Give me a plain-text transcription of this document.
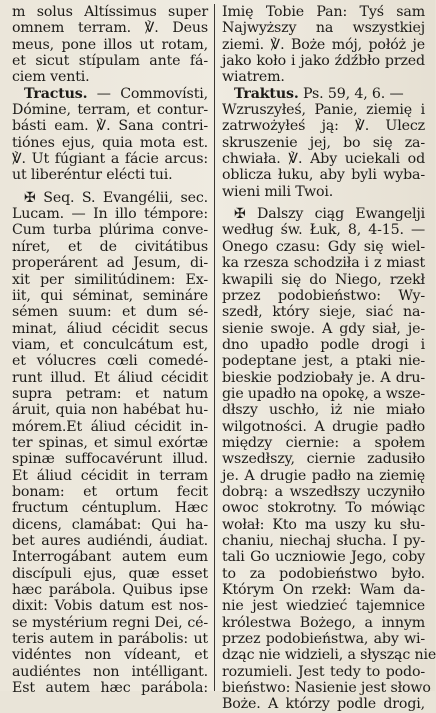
m solus Altíssimus super
omnem terram. ℣. Deus
meus, pone illos ut rotam,
et sicut stípulam ante fá-
ciem venti.
Tractus. — Commovísti,
Dómine, terram, et contur-
básti eam. ℣. Sana contri-
tiónes ejus, quia mota est.
℣. Ut fúgiant a fácie arcus:
ut liberéntur elécti tui.
✠ Seq. S. Evangélii, sec.
Lucam. — In illo témpore:
Cum turba plúrima conve-
níret, et de civitátibus
properárent ad Jesum, di-
xit per similitúdinem: Ex-
iit, qui séminat, semináre
sémen suum: et dum sé-
minat, áliud cécidit secus
viam, et conculcátum est,
et vólucres cœli comedé-
runt illud. Et áliud cécidit
supra petram: et natum
áruit, quia non habébat hu-
mórem.Et áliud cécidit in-
ter spinas, et simul exórtæ
spinæ suffocavérunt illud.
Et áliud cécidit in terram
bonam: et ortum fecit
fructum céntuplum. Hæc
dicens, clamábat: Qui ha-
bet aures audiéndi, áudiat.
Interrogábant autem eum
discípuli ejus, quæ esset
hæc parábola. Quibus ipse
dixit: Vobis datum est nos-
se mystérium regni Dei, cé-
teris autem in parábolis: ut
vidéntes non vídeant, et
audiéntes non intélligant.
Est autem hæc parábola:
Imię Tobie Pan: Tyś sam
Najwyższy na wszystkiej
ziemi. ℣. Boże mój, połóż je
jako koło i jako źdźbło przed
wiatrem.
Traktus. Ps. 59, 4, 6. —
Wzruszyłeś, Panie, ziemię i
zatrwożyłeś ją: ℣. Ulecz
skruszenie jej, bo się za-
chwiała. ℣. Aby uciekali od
oblicza łuku, aby byli wyba-
wieni mili Twoi.
✠ Dalszy ciąg Ewangelji
według św. Łuk, 8, 4-15. —
Onego czasu: Gdy się wiel-
ka rzesza schodziła i z miast
kwapili się do Niego, rzekł
przez podobieństwo: Wy-
szedł, który sieje, siać na-
sienie swoje. A gdy siał, je-
dno upadło podle drogi i
podeptane jest, a ptaki nie-
bieskie podziobały je. A dru-
gie upadło na opokę, a wsze-
dłszy uschło, iż nie miało
wilgotności. A drugie padło
między ciernie: a społem
wszedłszy, ciernie zadusiło
je. A drugie padło na ziemię
dobrą: a wszedłszy uczyniło
owoc stokrotny. To mówiąc
wołał: Kto ma uszy ku słu-
chaniu, niechaj słucha. I py-
tali Go uczniowie Jego, coby
to za podobieństwo było.
Którym On rzekł: Wam da-
nie jest wiedzieć tajemnice
królestwa Bożego, a innym
przez podobieństwa, aby wi-
dząc nie widzieli, a słysząc nie
rozumieli. Jest tedy to podo-
bieństwo: Nasienie jest słowo
Boże. A którzy podle drogi,
